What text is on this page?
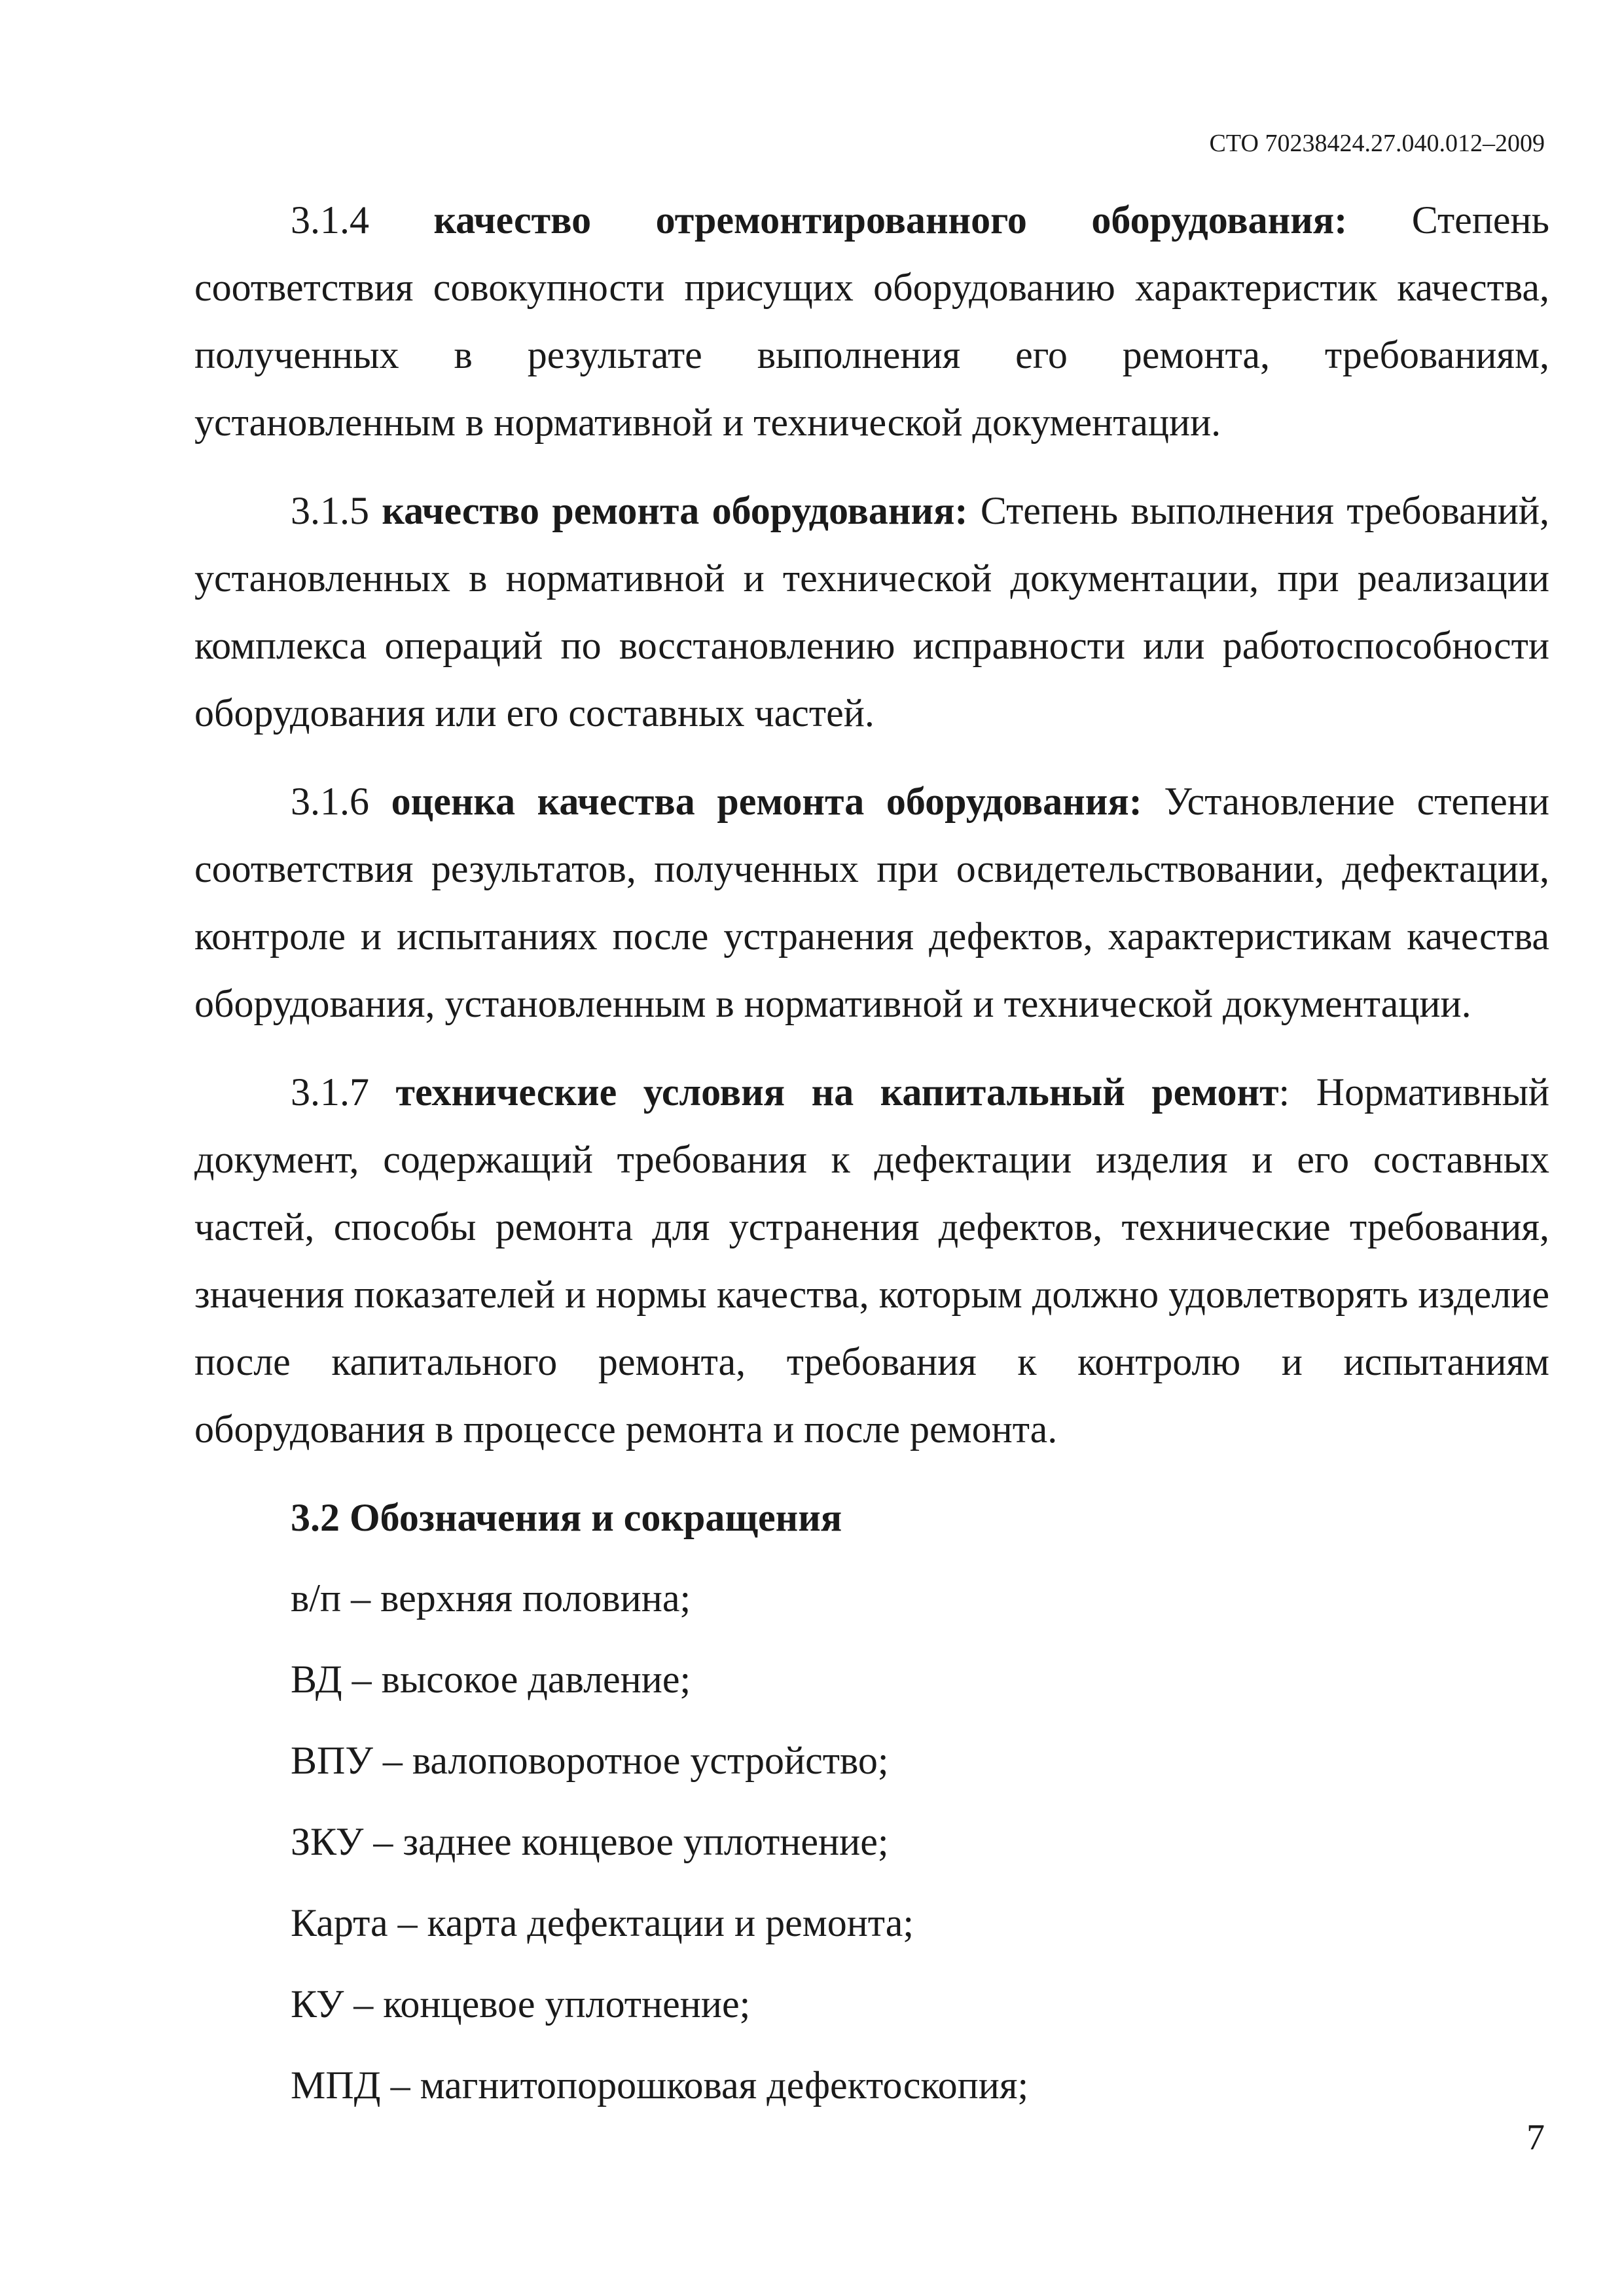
СТО 70238424.27.040.012–2009

3.1.4 качество отремонтированного оборудования: Степень соответствия совокупности присущих оборудованию характеристик качества, полученных в результате выполнения его ремонта, требованиям, установленным в нормативной и технической документации.

3.1.5 качество ремонта оборудования: Степень выполнения требований, установленных в нормативной и технической документации, при реализации комплекса операций по восстановлению исправности или работоспособности оборудования или его составных частей.

3.1.6 оценка качества ремонта оборудования: Установление степени соответствия результатов, полученных при освидетельствовании, дефектации, контроле и испытаниях после устранения дефектов, характеристикам качества оборудования, установленным в нормативной и технической документации.

3.1.7 технические условия на капитальный ремонт: Нормативный документ, содержащий требования к дефектации изделия и его составных частей, способы ремонта для устранения дефектов, технические требования, значения показателей и нормы качества, которым должно удовлетворять изделие после капитального ремонта, требования к контролю и испытаниям оборудования в процессе ремонта и после ремонта.

3.2 Обозначения и сокращения
в/п – верхняя половина;
ВД – высокое давление;
ВПУ – валоповоротное устройство;
ЗКУ – заднее концевое уплотнение;
Карта – карта дефектации и ремонта;
КУ – концевое уплотнение;
МПД – магнитопорошковая дефектоскопия;
7
